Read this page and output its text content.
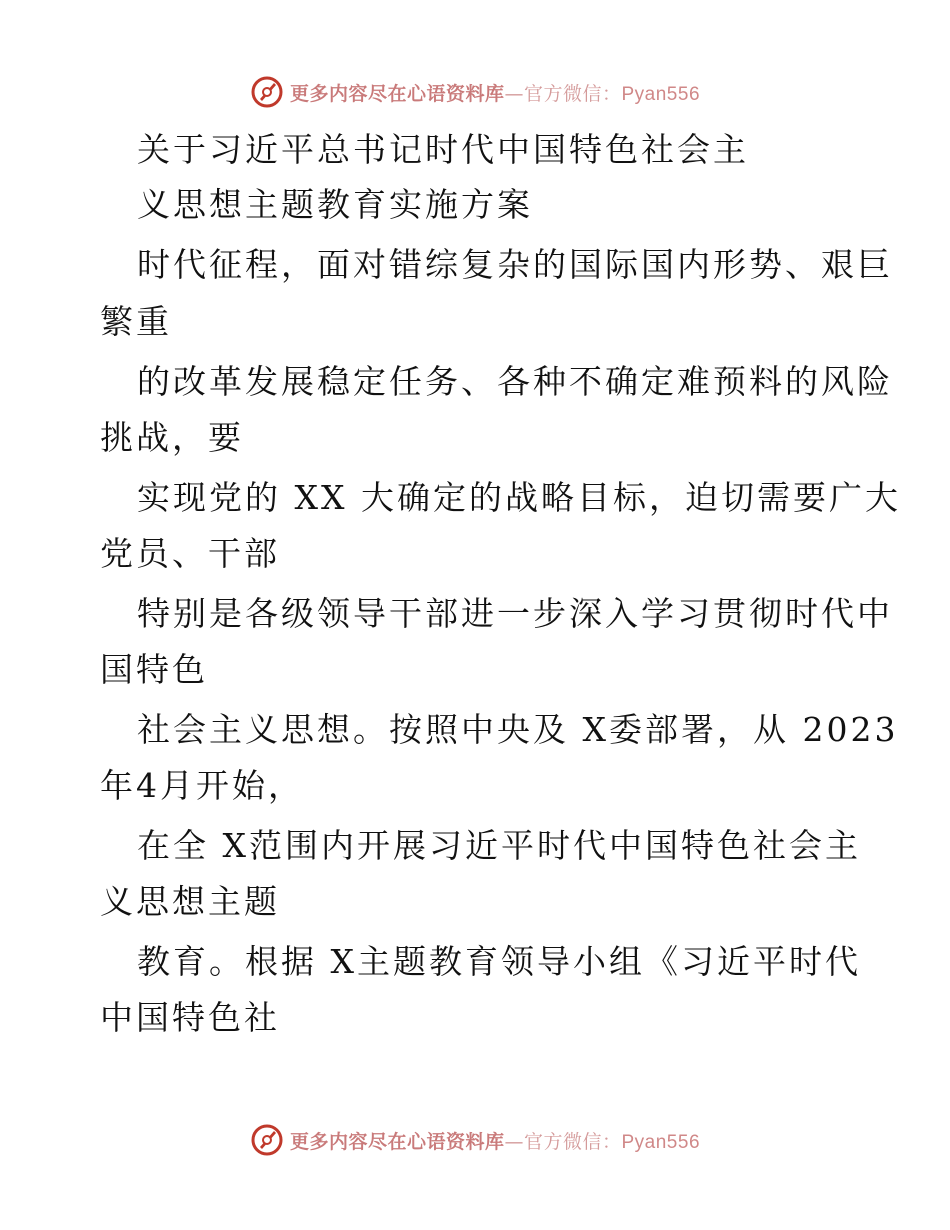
更多内容尽在心语资料库—官方微信：Pyan556
关于习近平总书记时代中国特色社会主
义思想主题教育实施方案
时代征程，面对错综复杂的国际国内形势、艰巨
繁重
的改革发展稳定任务、各种不确定难预料的风险
挑战，要
实现党的 XX 大确定的战略目标，迫切需要广大
党员、干部
特别是各级领导干部进一步深入学习贯彻时代中
国特色
社会主义思想。按照中央及 X委部署，从 2023
年4月开始，
在全 X范围内开展习近平时代中国特色社会主
义思想主题
教育。根据 X主题教育领导小组《习近平时代
中国特色社
更多内容尽在心语资料库—官方微信：Pyan556
